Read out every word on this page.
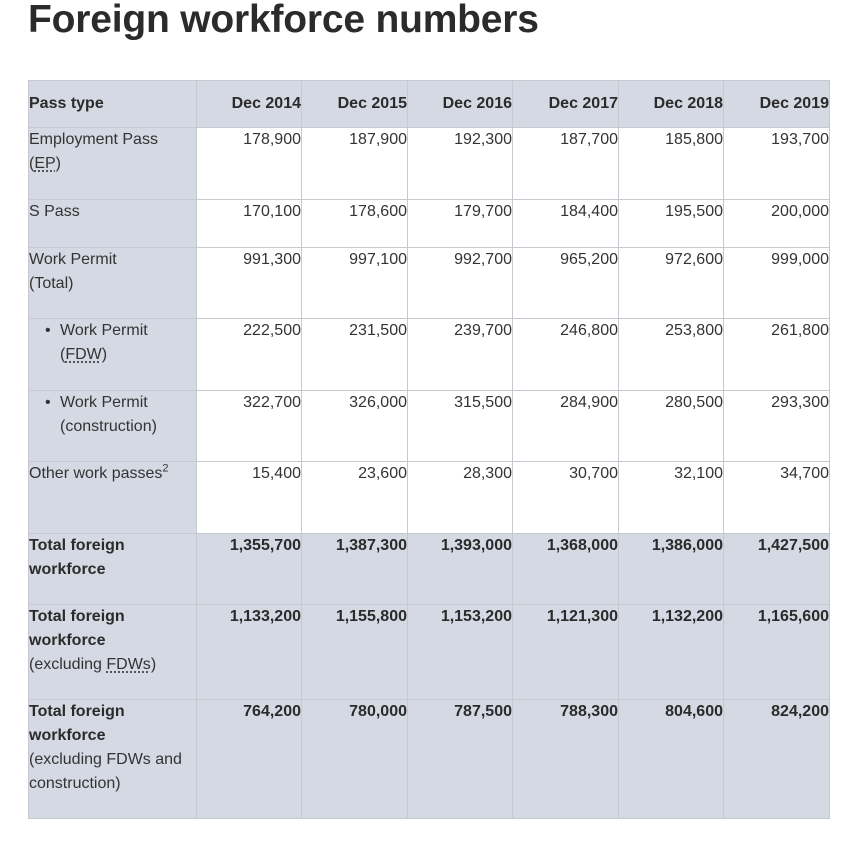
Foreign workforce numbers
Pass type	Dec 2014	Dec 2015	Dec 2016	Dec 2017	Dec 2018	Dec 2019
Employment Pass
(EP)	178,900	187,900	192,300	187,700	185,800	193,700
S Pass	170,100	178,600	179,700	184,400	195,500	200,000
Work Permit
(Total)	991,300	997,100	992,700	965,200	972,600	999,000

• Work Permit
(FDW)	222,500	231,500	239,700	246,800	253,800	261,800

• Work Permit
(construction)	322,700	326,000	315,500	284,900	280,500	293,300
Other work passes$^2$	15,400	23,600	28,300	30,700	32,100	34,700
Total foreign workforce	1,355,700	1,387,300	1,393,000	1,368,000	1,386,000	1,427,500
Total foreign workforce
(excluding FDWs)	1,133,200	1,155,800	1,153,200	1,121,300	1,132,200	1,165,600
Total foreign workforce
(excluding FDWs and construction)	764,200	780,000	787,500	788,300	804,600	824,200
